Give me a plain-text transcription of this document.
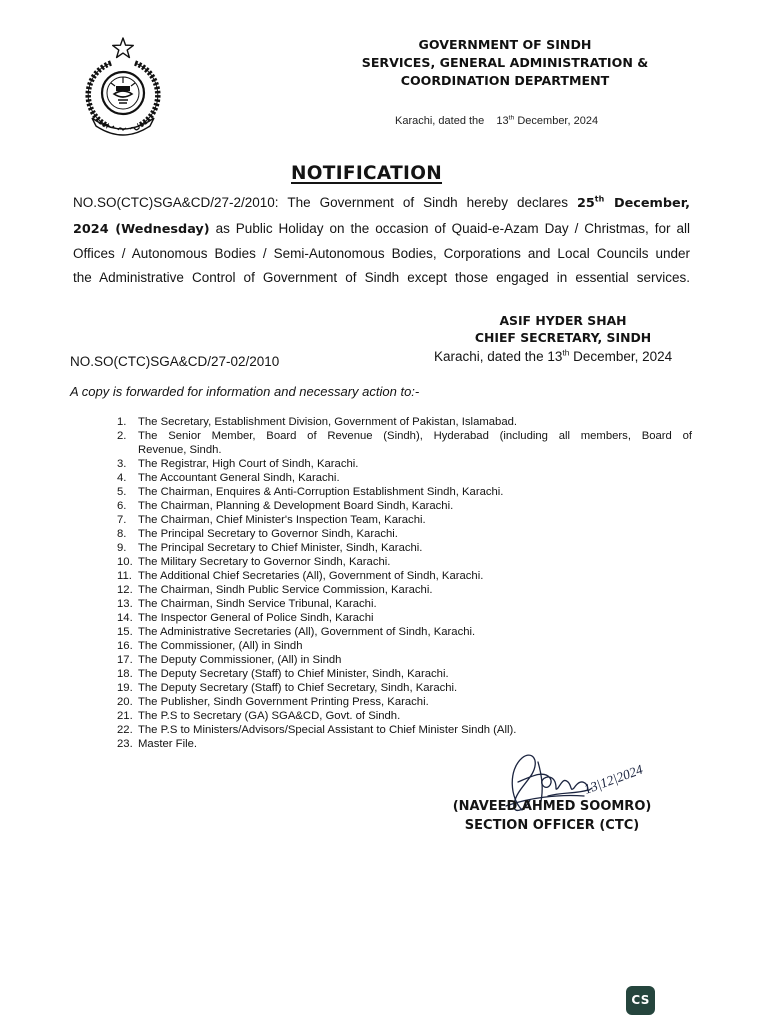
GOVERNMENT OF SINDH
SERVICES, GENERAL ADMINISTRATION &
COORDINATION DEPARTMENT
Karachi, dated the 13th December, 2024
NOTIFICATION
NO.SO(CTC)SGA&CD/27-2/2010: The Government of Sindh hereby declares 25th December,
2024 (Wednesday) as Public Holiday on the occasion of Quaid-e-Azam Day / Christmas, for all
Offices / Autonomous Bodies / Semi-Autonomous Bodies, Corporations and Local Councils under
the Administrative Control of Government of Sindh except those engaged in essential services.
ASIF HYDER SHAH
CHIEF SECRETARY, SINDH
NO.SO(CTC)SGA&CD/27-02/2010	Karachi, dated the 13th December, 2024
A copy is forwarded for information and necessary action to:-
1.	The Secretary, Establishment Division, Government of Pakistan, Islamabad.
2.	The Senior Member, Board of Revenue (Sindh), Hyderabad (including all members, Board of
Revenue, Sindh.
3.	The Registrar, High Court of Sindh, Karachi.
4.	The Accountant General Sindh, Karachi.
5.	The Chairman, Enquires & Anti-Corruption Establishment Sindh, Karachi.
6.	The Chairman, Planning & Development Board Sindh, Karachi.
7.	The Chairman, Chief Minister's Inspection Team, Karachi.
8.	The Principal Secretary to Governor Sindh, Karachi.
9.	The Principal Secretary to Chief Minister, Sindh, Karachi.
10. The Military Secretary to Governor Sindh, Karachi.
11. The Additional Chief Secretaries (All), Government of Sindh, Karachi.
12. The Chairman, Sindh Public Service Commission, Karachi.
13. The Chairman, Sindh Service Tribunal, Karachi.
14. The Inspector General of Police Sindh, Karachi
15. The Administrative Secretaries (All), Government of Sindh, Karachi.
16. The Commissioner, (All) in Sindh
17. The Deputy Commissioner, (All) in Sindh
18. The Deputy Secretary (Staff) to Chief Minister, Sindh, Karachi.
19. The Deputy Secretary (Staff) to Chief Secretary, Sindh, Karachi.
20. The Publisher, Sindh Government Printing Press, Karachi.
21. The P.S to Secretary (GA) SGA&CD, Govt. of Sindh.
22. The P.S to Ministers/Advisors/Special Assistant to Chief Minister Sindh (All).
23. Master File.
13|12|2024
(NAVEED AHMED SOOMRO)
SECTION OFFICER (CTC)
CS
